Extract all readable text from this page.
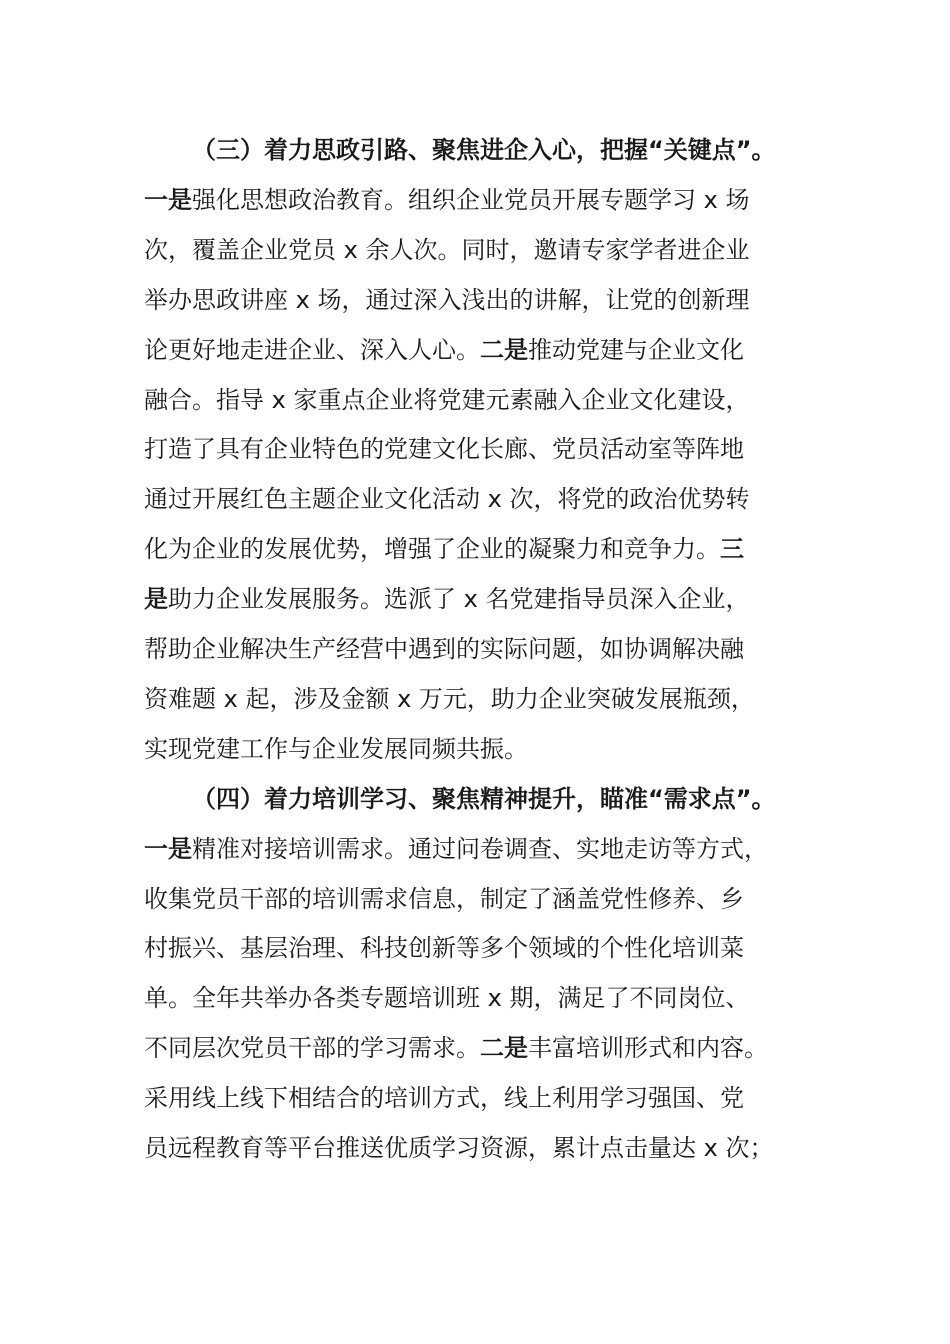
（三）着力思政引路、聚焦进企入心，把握“关键点”。

一是强化思想政治教育。组织企业党员开展专题学习 x 场

次，覆盖企业党员 x 余人次。同时，邀请专家学者进企业

举办思政讲座 x 场，通过深入浅出的讲解，让党的创新理

论更好地走进企业、深入人心。二是推动党建与企业文化

融合。指导 x 家重点企业将党建元素融入企业文化建设，

打造了具有企业特色的党建文化长廊、党员活动室等阵地

通过开展红色主题企业文化活动 x 次，将党的政治优势转

化为企业的发展优势，增强了企业的凝聚力和竞争力。三

是助力企业发展服务。选派了 x 名党建指导员深入企业，

帮助企业解决生产经营中遇到的实际问题，如协调解决融

资难题 x 起，涉及金额 x 万元，助力企业突破发展瓶颈，

实现党建工作与企业发展同频共振。

（四）着力培训学习、聚焦精神提升，瞄准“需求点”。

一是精准对接培训需求。通过问卷调查、实地走访等方式，

收集党员干部的培训需求信息，制定了涵盖党性修养、乡

村振兴、基层治理、科技创新等多个领域的个性化培训菜

单。全年共举办各类专题培训班 x 期，满足了不同岗位、

不同层次党员干部的学习需求。二是丰富培训形式和内容。

采用线上线下相结合的培训方式，线上利用学习强国、党

员远程教育等平台推送优质学习资源，累计点击量达 x 次；
